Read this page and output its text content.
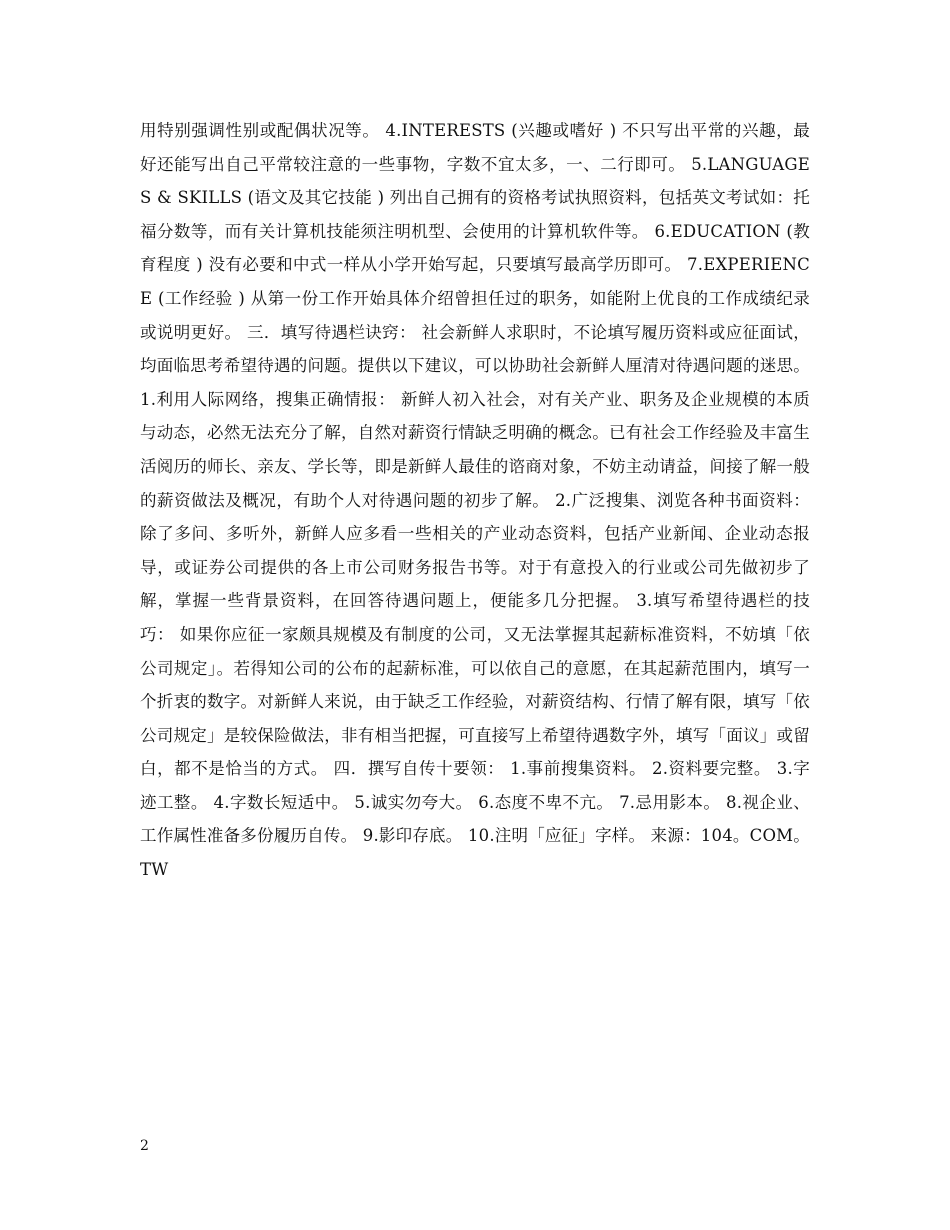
用特别强调性别或配偶状况等。 4.INTERESTS (兴趣或嗜好 ) 不只写出平常的兴趣，最好还能写出自己平常较注意的一些事物，字数不宜太多，一、二行即可。 5.LANGUAGES & SKILLS (语文及其它技能 ) 列出自己拥有的资格考试执照资料，包括英文考试如：托福分数等，而有关计算机技能须注明机型、会使用的计算机软件等。 6.EDUCATION (教育程度 ) 没有必要和中式一样从小学开始写起，只要填写最高学历即可。 7.EXPERIENCE (工作经验 ) 从第一份工作开始具体介绍曾担任过的职务，如能附上优良的工作成绩纪录或说明更好。 三．填写待遇栏诀窍： 社会新鲜人求职时，不论填写履历资料或应征面试，均面临思考希望待遇的问题。提供以下建议，可以协助社会新鲜人厘清对待遇问题的迷思。 1.利用人际网络，搜集正确情报： 新鲜人初入社会，对有关产业、职务及企业规模的本质与动态，必然无法充分了解，自然对薪资行情缺乏明确的概念。已有社会工作经验及丰富生活阅历的师长、亲友、学长等，即是新鲜人最佳的谘商对象，不妨主动请益，间接了解一般的薪资做法及概况，有助个人对待遇问题的初步了解。 2.广泛搜集、浏览各种书面资料： 除了多问、多听外，新鲜人应多看一些相关的产业动态资料，包括产业新闻、企业动态报导，或证券公司提供的各上市公司财务报告书等。对于有意投入的行业或公司先做初步了解，掌握一些背景资料，在回答待遇问题上，便能多几分把握。 3.填写希望待遇栏的技巧： 如果你应征一家颇具规模及有制度的公司，又无法掌握其起薪标准资料，不妨填「依公司规定」。若得知公司的公布的起薪标准，可以依自己的意愿，在其起薪范围内，填写一个折衷的数字。对新鲜人来说，由于缺乏工作经验，对薪资结构、行情了解有限，填写「依公司规定」是较保险做法，非有相当把握，可直接写上希望待遇数字外，填写「面议」或留白，都不是恰当的方式。 四．撰写自传十要领： 1.事前搜集资料。 2.资料要完整。 3.字迹工整。 4.字数长短适中。 5.诚实勿夸大。 6.态度不卑不亢。 7.忌用影本。 8.视企业、工作属性准备多份履历自传。 9.影印存底。 10.注明「应征」字样。 来源：104。COM。TW

2
